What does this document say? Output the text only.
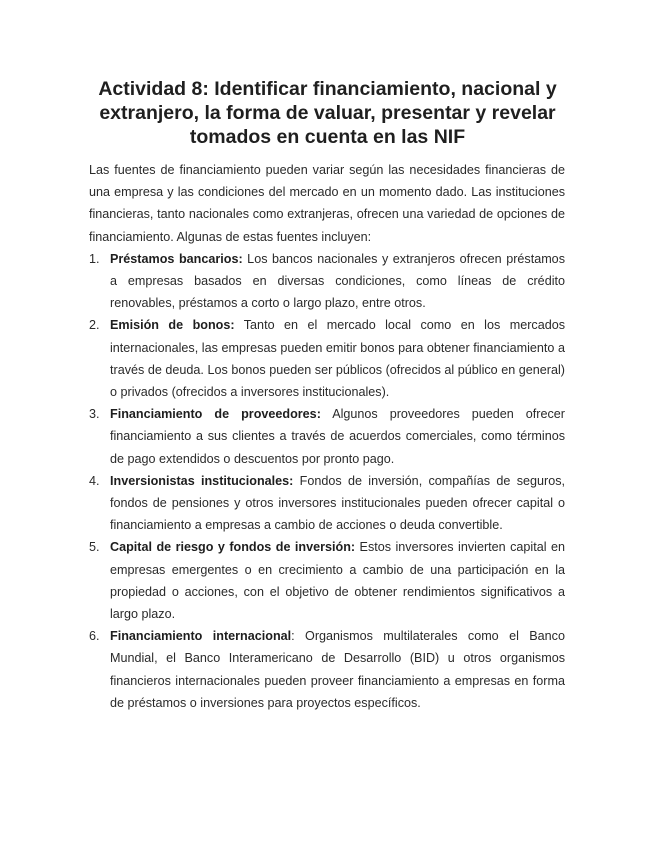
Actividad 8: Identificar financiamiento, nacional y extranjero, la forma de valuar, presentar y revelar tomados en cuenta en las NIF

Las fuentes de financiamiento pueden variar según las necesidades financieras de una empresa y las condiciones del mercado en un momento dado. Las instituciones financieras, tanto nacionales como extranjeras, ofrecen una variedad de opciones de financiamiento. Algunas de estas fuentes incluyen:

1. Préstamos bancarios: Los bancos nacionales y extranjeros ofrecen préstamos a empresas basados en diversas condiciones, como líneas de crédito renovables, préstamos a corto o largo plazo, entre otros.
2. Emisión de bonos: Tanto en el mercado local como en los mercados internacionales, las empresas pueden emitir bonos para obtener financiamiento a través de deuda. Los bonos pueden ser públicos (ofrecidos al público en general) o privados (ofrecidos a inversores institucionales).
3. Financiamiento de proveedores: Algunos proveedores pueden ofrecer financiamiento a sus clientes a través de acuerdos comerciales, como términos de pago extendidos o descuentos por pronto pago.
4. Inversionistas institucionales: Fondos de inversión, compañías de seguros, fondos de pensiones y otros inversores institucionales pueden ofrecer capital o financiamiento a empresas a cambio de acciones o deuda convertible.
5. Capital de riesgo y fondos de inversión: Estos inversores invierten capital en empresas emergentes o en crecimiento a cambio de una participación en la propiedad o acciones, con el objetivo de obtener rendimientos significativos a largo plazo.
6. Financiamiento internacional: Organismos multilaterales como el Banco Mundial, el Banco Interamericano de Desarrollo (BID) u otros organismos financieros internacionales pueden proveer financiamiento a empresas en forma de préstamos o inversiones para proyectos específicos.
